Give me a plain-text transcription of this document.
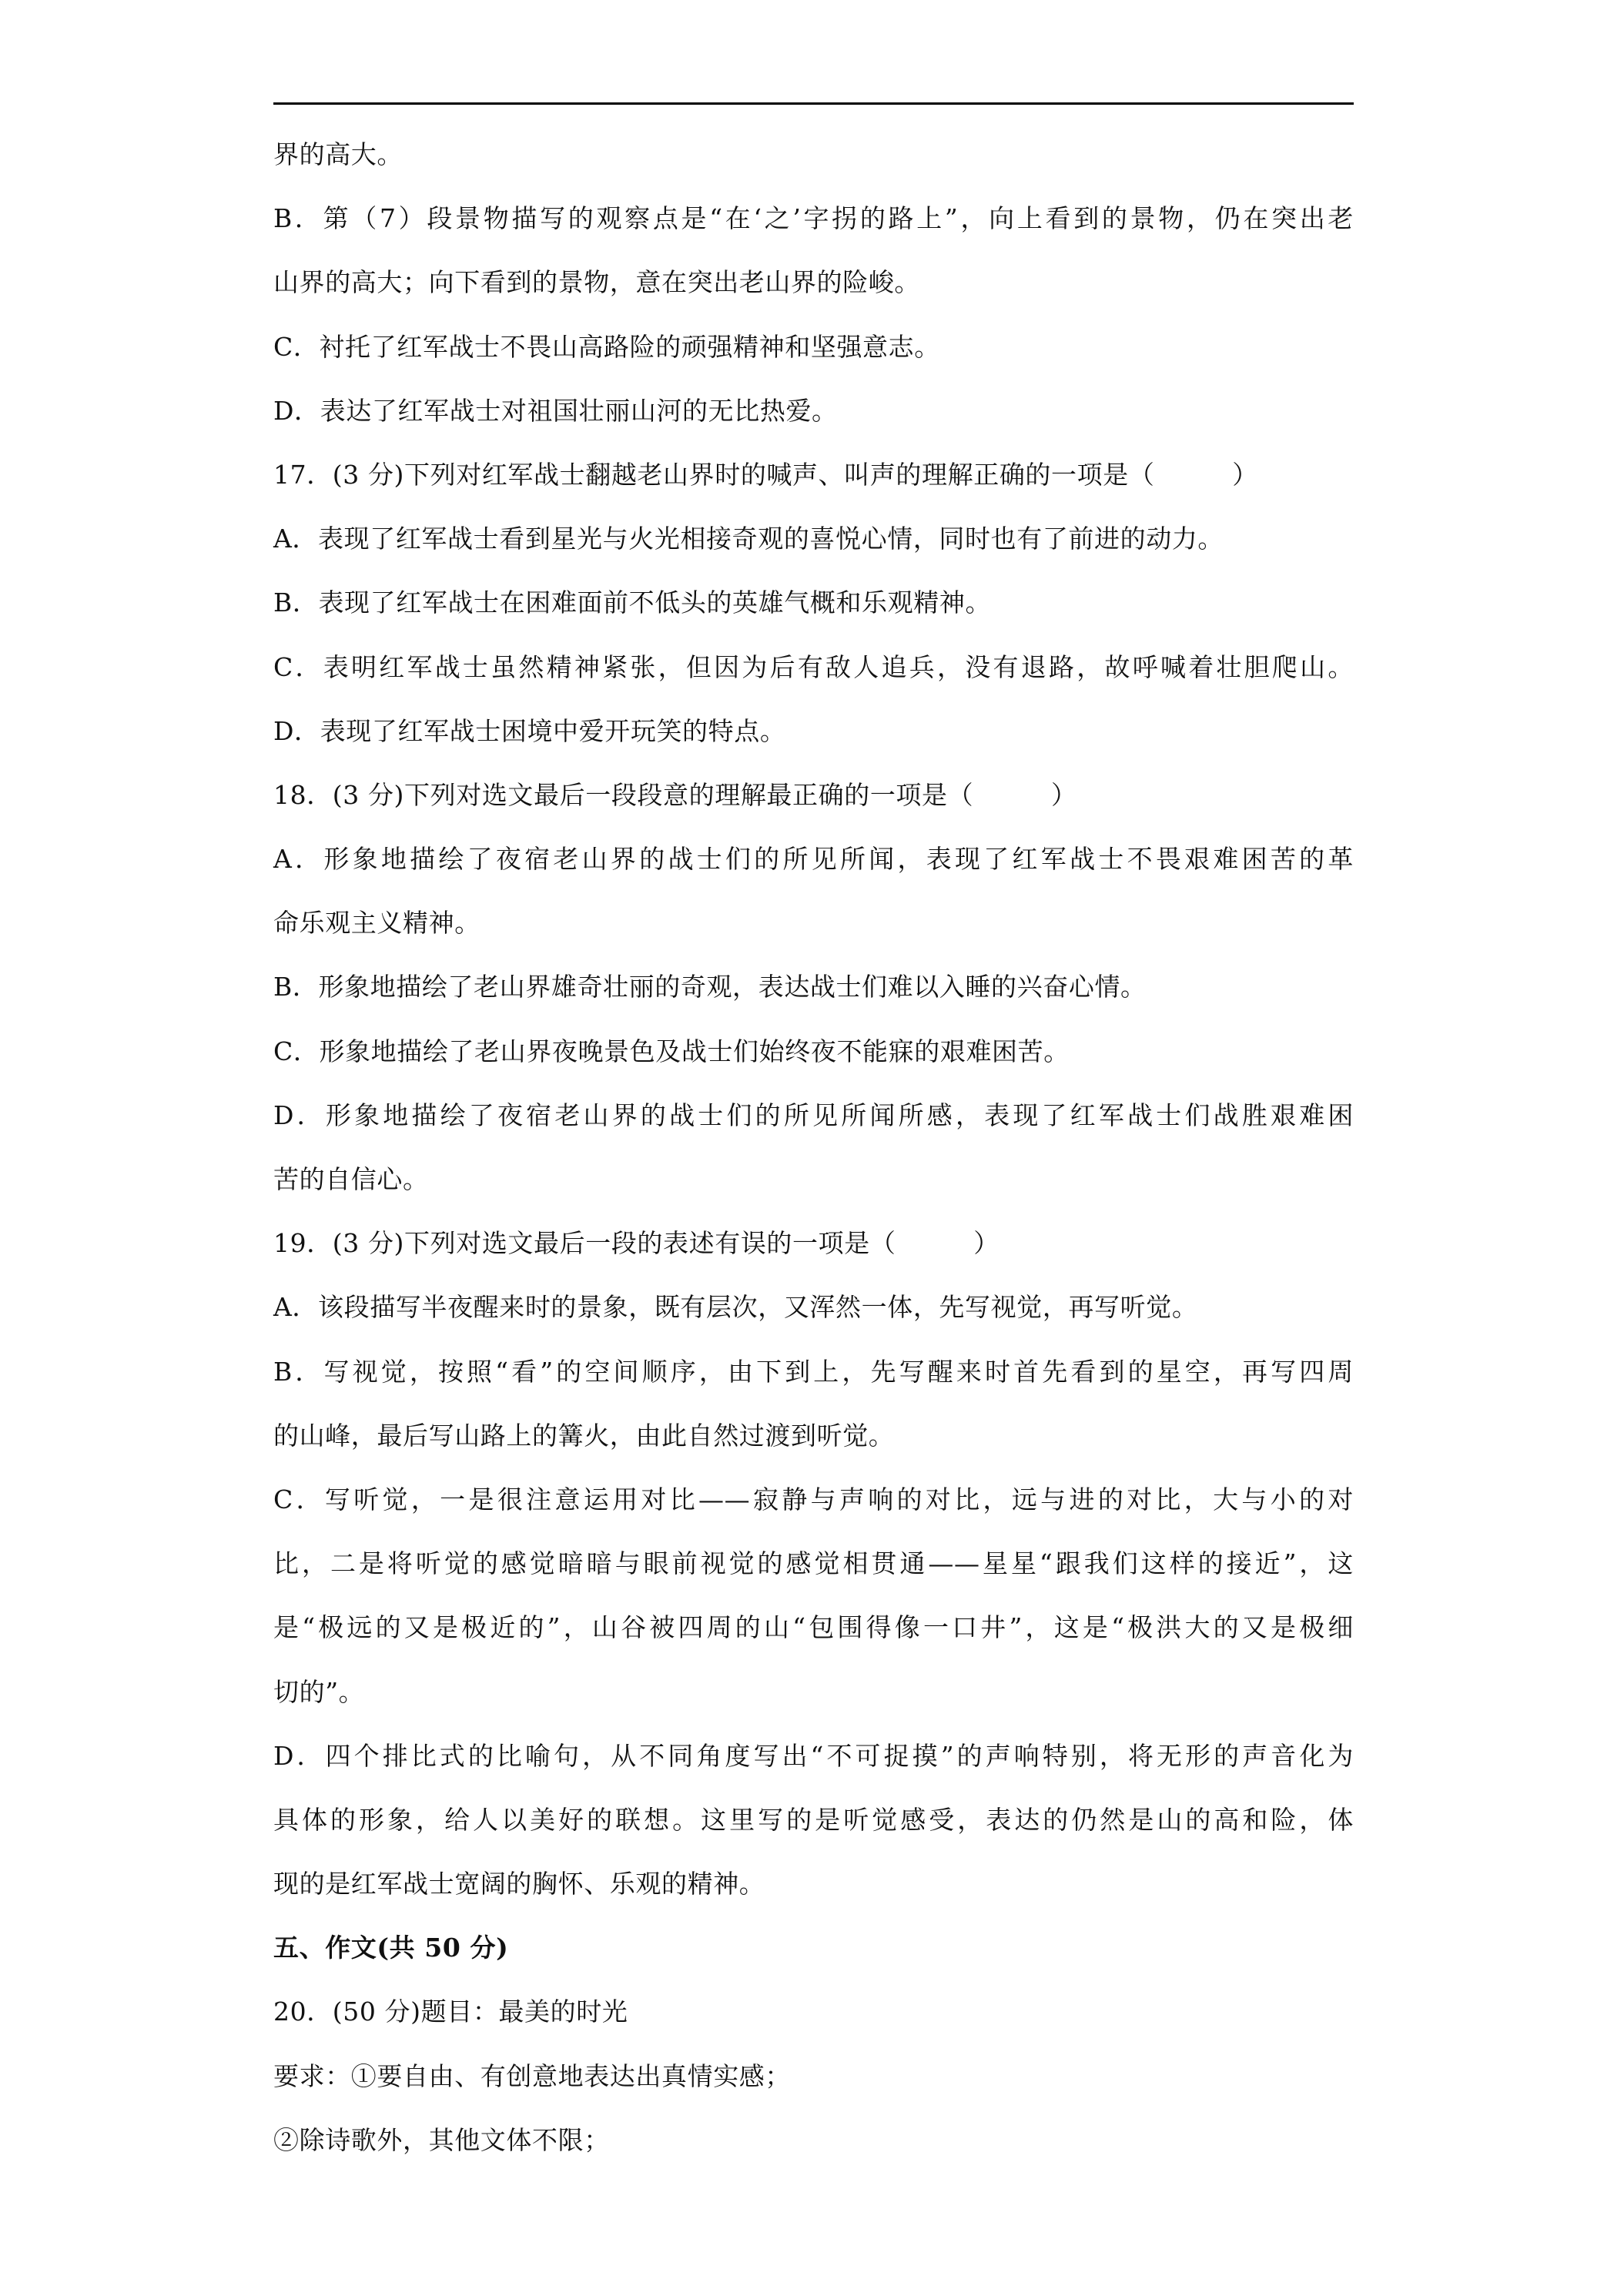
界的高大。
B．第（7）段景物描写的观察点是“在‘之’字拐的路上”，向上看到的景物，仍在突出老
山界的高大；向下看到的景物，意在突出老山界的险峻。
C．衬托了红军战士不畏山高路险的顽强精神和坚强意志。
D．表达了红军战士对祖国壮丽山河的无比热爱。
17．(3 分)下列对红军战士翻越老山界时的喊声、叫声的理解正确的一项是（　　　）
A．表现了红军战士看到星光与火光相接奇观的喜悦心情，同时也有了前进的动力。
B．表现了红军战士在困难面前不低头的英雄气概和乐观精神。
C．表明红军战士虽然精神紧张，但因为后有敌人追兵，没有退路，故呼喊着壮胆爬山。
D．表现了红军战士困境中爱开玩笑的特点。
18．(3 分)下列对选文最后一段段意的理解最正确的一项是（　　　）
A．形象地描绘了夜宿老山界的战士们的所见所闻，表现了红军战士不畏艰难困苦的革
命乐观主义精神。
B．形象地描绘了老山界雄奇壮丽的奇观，表达战士们难以入睡的兴奋心情。
C．形象地描绘了老山界夜晚景色及战士们始终夜不能寐的艰难困苦。
D．形象地描绘了夜宿老山界的战士们的所见所闻所感，表现了红军战士们战胜艰难困
苦的自信心。
19．(3 分)下列对选文最后一段的表述有误的一项是（　　　）
A．该段描写半夜醒来时的景象，既有层次，又浑然一体，先写视觉，再写听觉。
B．写视觉，按照“看”的空间顺序，由下到上，先写醒来时首先看到的星空，再写四周
的山峰，最后写山路上的篝火，由此自然过渡到听觉。
C．写听觉，一是很注意运用对比——寂静与声响的对比，远与进的对比，大与小的对
比，二是将听觉的感觉暗暗与眼前视觉的感觉相贯通——星星“跟我们这样的接近”，这
是“极远的又是极近的”，山谷被四周的山“包围得像一口井”，这是“极洪大的又是极细
切的”。
D．四个排比式的比喻句，从不同角度写出“不可捉摸”的声响特别，将无形的声音化为
具体的形象，给人以美好的联想。这里写的是听觉感受，表达的仍然是山的高和险，体
现的是红军战士宽阔的胸怀、乐观的精神。
五、作文(共 50 分)
20．(50 分)题目：最美的时光
要求：①要自由、有创意地表达出真情实感；
②除诗歌外，其他文体不限；
